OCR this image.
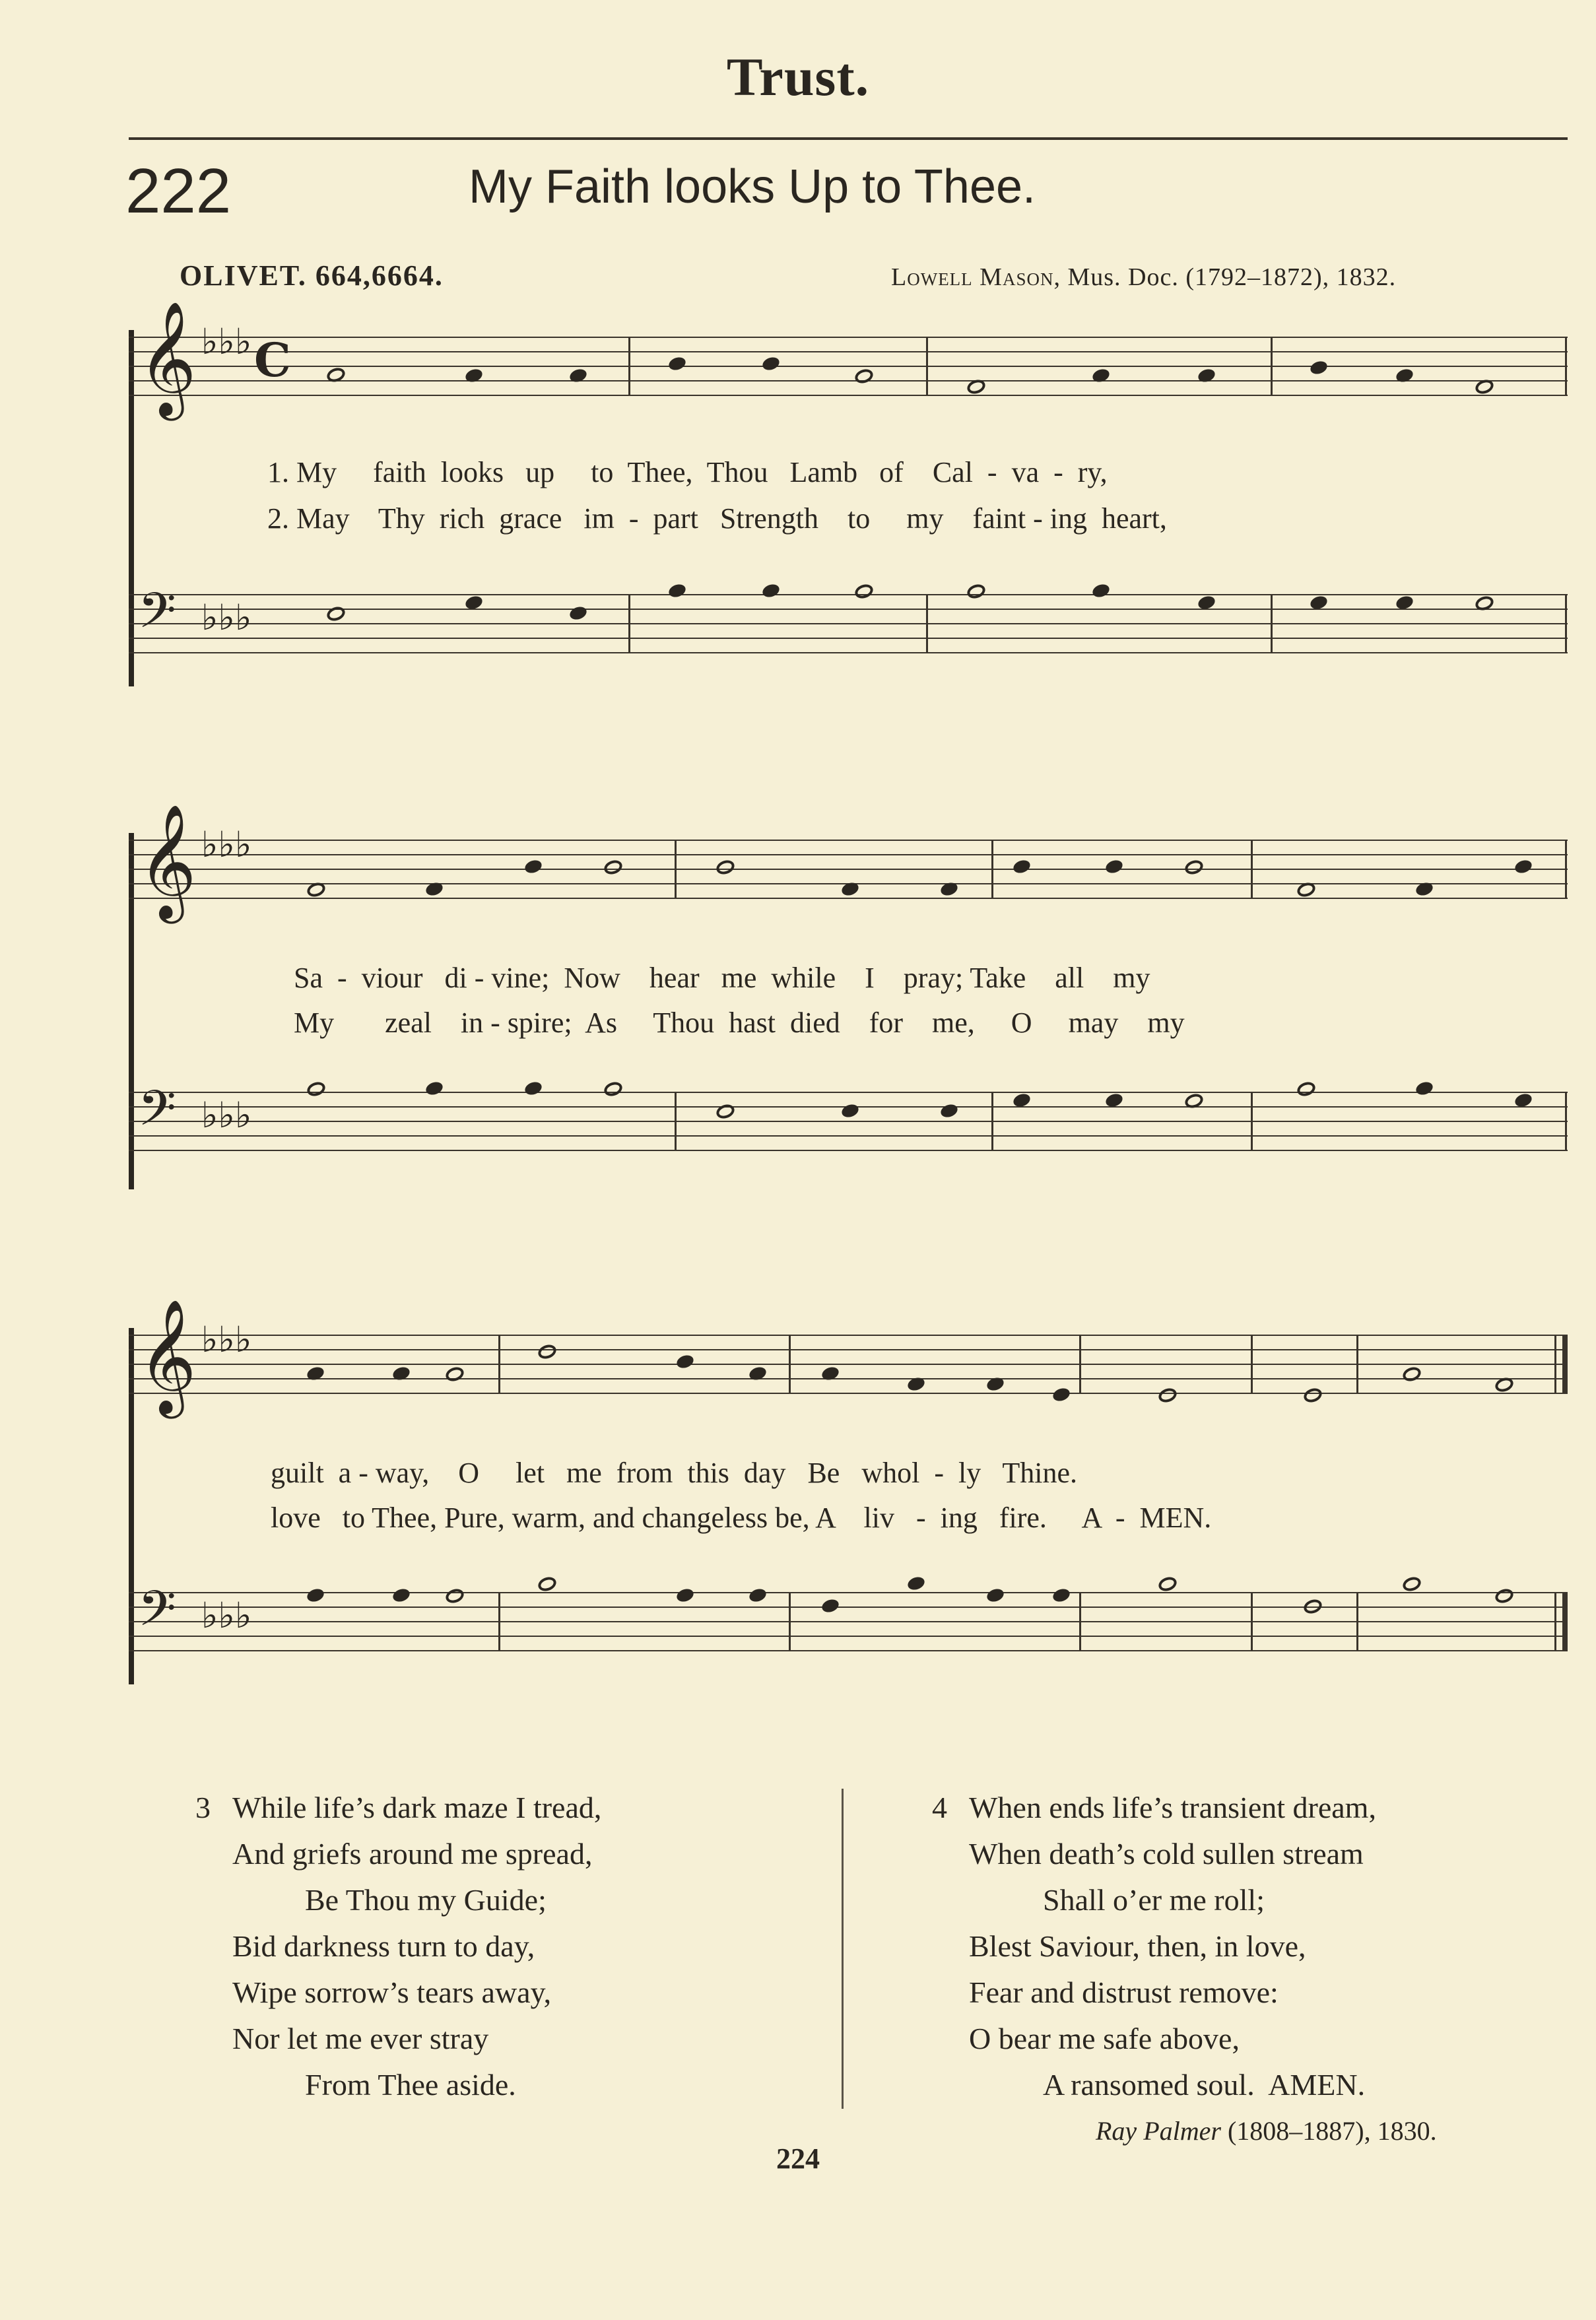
Trust.
222	My Faith looks Up to Thee.
OLIVET. 664,6664.	Lowell Mason, Mus. Doc. (1792–1872), 1832.
𝄞 ♭♭♭ C
1. My     faith  looks   up     to  Thee,  Thou   Lamb   of    Cal  -  va  -  ry,
2. May    Thy  rich  grace   im  -  part   Strength    to     my    faint - ing  heart,
𝄢 ♭♭♭
𝄞 ♭♭♭
Sa  -  viour   di - vine;  Now    hear   me  while    I    pray; Take    all    my
My       zeal    in - spire;  As     Thou  hast  died    for    me,     O     may    my
𝄢 ♭♭♭
𝄞 ♭♭♭
guilt  a - way,    O     let   me  from  this  day   Be   whol  -  ly   Thine.
love   to Thee, Pure, warm, and changeless be, A    liv   -  ing   fire.     A  -  MEN.
𝄢 ♭♭♭
3 While life’s dark maze I tread,
And griefs around me spread,
Be Thou my Guide;
Bid darkness turn to day,
Wipe sorrow’s tears away,
Nor let me ever stray
From Thee aside.
4 When ends life’s transient dream,
When death’s cold sullen stream
Shall o’er me roll;
Blest Saviour, then, in love,
Fear and distrust remove:
O bear me safe above,
A ransomed soul.  AMEN.
Ray Palmer (1808–1887), 1830.
224
